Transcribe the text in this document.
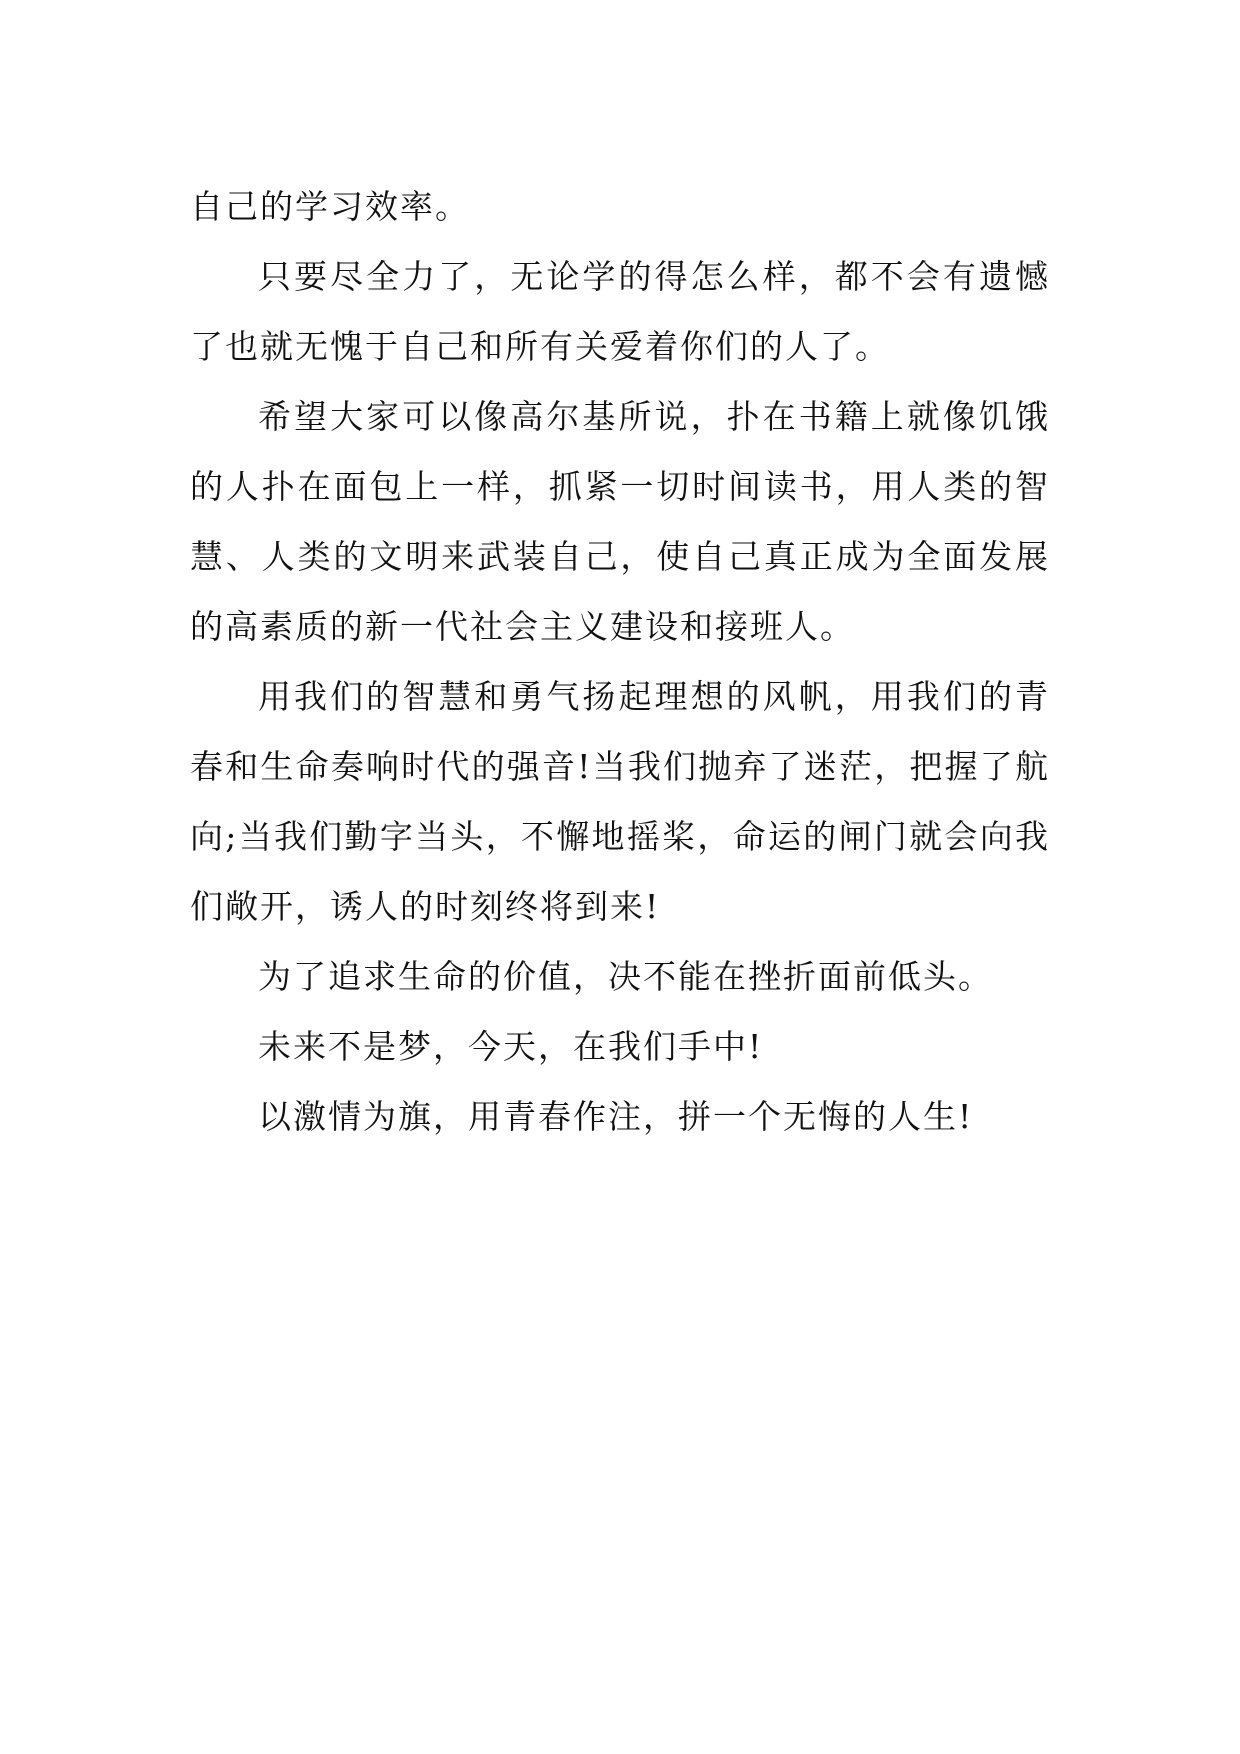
自己的学习效率。

只要尽全力了，无论学的得怎么样，都不会有遗憾了也就无愧于自己和所有关爱着你们的人了。

希望大家可以像高尔基所说，扑在书籍上就像饥饿的人扑在面包上一样，抓紧一切时间读书，用人类的智慧、人类的文明来武装自己，使自己真正成为全面发展的高素质的新一代社会主义建设和接班人。

用我们的智慧和勇气扬起理想的风帆，用我们的青春和生命奏响时代的强音!当我们抛弃了迷茫，把握了航向;当我们勤字当头，不懈地摇桨，命运的闸门就会向我们敞开，诱人的时刻终将到来!

为了追求生命的价值，决不能在挫折面前低头。

未来不是梦，今天，在我们手中!

以激情为旗，用青春作注，拼一个无悔的人生!
